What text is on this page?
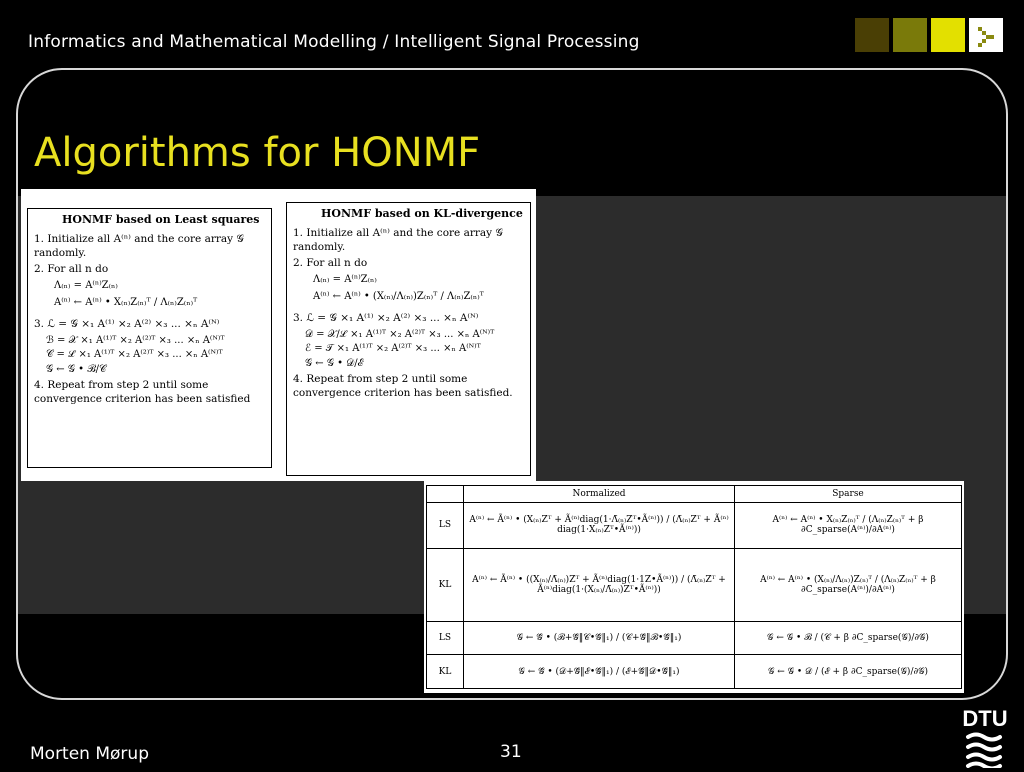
Informatics and Mathematical Modelling / Intelligent Signal Processing
Algorithms for HONMF
HONMF based on Least squares
1. Initialize all A⁽ⁿ⁾ and the core array 𝒢 randomly.
2. For all n do
Λ₍ₙ₎ = A⁽ⁿ⁾Z₍ₙ₎
A⁽ⁿ⁾ ← A⁽ⁿ⁾ • X₍ₙ₎Z₍ₙ₎ᵀ / Λ₍ₙ₎Z₍ₙ₎ᵀ
3. ℒ = 𝒢 ×₁ A⁽¹⁾ ×₂ A⁽²⁾ ×₃ ... ×ₙ A⁽ᴺ⁾
ℬ = 𝒳 ×₁ A⁽¹⁾ᵀ ×₂ A⁽²⁾ᵀ ×₃ ... ×ₙ A⁽ᴺ⁾ᵀ
𝒞 = ℒ ×₁ A⁽¹⁾ᵀ ×₂ A⁽²⁾ᵀ ×₃ ... ×ₙ A⁽ᴺ⁾ᵀ
𝒢 ← 𝒢 • ℬ/𝒞
4. Repeat from step 2 until some convergence criterion has been satisfied
HONMF based on KL-divergence
1. Initialize all A⁽ⁿ⁾ and the core array 𝒢 randomly.
2. For all n do
Λ₍ₙ₎ = A⁽ⁿ⁾Z₍ₙ₎
A⁽ⁿ⁾ ← A⁽ⁿ⁾ • (X₍ₙ₎/Λ₍ₙ₎)Z₍ₙ₎ᵀ / Λ₍ₙ₎Z₍ₙ₎ᵀ
3. ℒ = 𝒢 ×₁ A⁽¹⁾ ×₂ A⁽²⁾ ×₃ ... ×ₙ A⁽ᴺ⁾
𝒟 = 𝒳/ℒ ×₁ A⁽¹⁾ᵀ ×₂ A⁽²⁾ᵀ ×₃ ... ×ₙ A⁽ᴺ⁾ᵀ
ℰ = 𝒯 ×₁ A⁽¹⁾ᵀ ×₂ A⁽²⁾ᵀ ×₃ ... ×ₙ A⁽ᴺ⁾ᵀ
𝒢 ← 𝒢 • 𝒟/ℰ
4. Repeat from step 2 until some convergence criterion has been satisfied.
	Normalized	Sparse
LS	A⁽ⁿ⁾ ← Ã⁽ⁿ⁾ • (X₍ₙ₎Zᵀ + Ã⁽ⁿ⁾diag(1·Λ̃₍ₙ₎Zᵀ•Ã⁽ⁿ⁾)) / (Λ̃₍ₙ₎Zᵀ + Ã⁽ⁿ⁾diag(1·X₍ₙ₎Zᵀ•Ã⁽ⁿ⁾))	A⁽ⁿ⁾ ← A⁽ⁿ⁾ • X₍ₙ₎Z₍ₙ₎ᵀ / (Λ₍ₙ₎Z₍ₙ₎ᵀ + β ∂C_sparse(A⁽ⁿ⁾)/∂A⁽ⁿ⁾)
KL	A⁽ⁿ⁾ ← Ã⁽ⁿ⁾ • ((X₍ₙ₎/Λ̃₍ₙ₎)Zᵀ + Ã⁽ⁿ⁾diag(1·1Z•Ã⁽ⁿ⁾)) / (Λ̃₍ₙ₎Zᵀ + Ã⁽ⁿ⁾diag(1·(X₍ₙ₎/Λ̃₍ₙ₎)Zᵀ•Ã⁽ⁿ⁾))	A⁽ⁿ⁾ ← A⁽ⁿ⁾ • (X₍ₙ₎/Λ₍ₙ₎)Z₍ₙ₎ᵀ / (Λ₍ₙ₎Z₍ₙ₎ᵀ + β ∂C_sparse(A⁽ⁿ⁾)/∂A⁽ⁿ⁾)
LS	𝒢 ← 𝒢̃ • (ℬ+𝒢̃‖𝒞•𝒢̃‖₁) / (𝒞+𝒢̃‖ℬ•𝒢̃‖₁)	𝒢 ← 𝒢 • ℬ / (𝒞 + β ∂C_sparse(𝒢)/∂𝒢)
KL	𝒢 ← 𝒢̃ • (𝒟+𝒢̃‖ℰ•𝒢̃‖₁) / (ℰ+𝒢̃‖𝒟•𝒢̃‖₁)	𝒢 ← 𝒢 • 𝒟 / (ℰ + β ∂C_sparse(𝒢)/∂𝒢)
Morten Mørup	31
DTU
